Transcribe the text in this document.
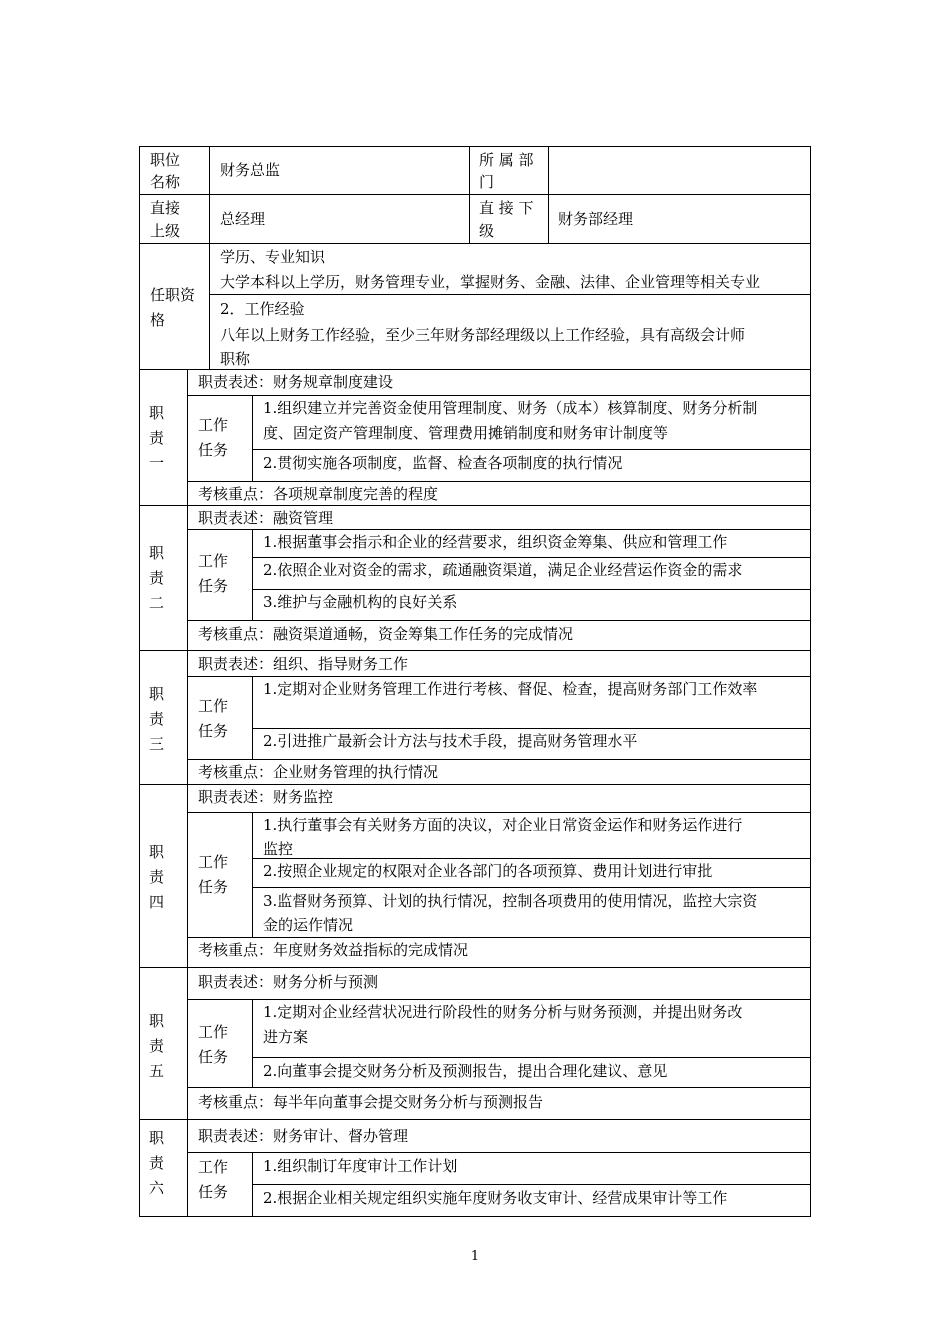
职位
名称
财务总监
所 属 部
门
直接
上级
总经理
直 接 下
级
财务部经理
任职资
格
学历、专业知识
大学本科以上学历，财务管理专业，掌握财务、金融、法律、企业管理等相关专业
2．工作经验
八年以上财务工作经验，至少三年财务部经理级以上工作经验，具有高级会计师
职称
职
责
一
职责表述：财务规章制度建设
工作
任务
1.组织建立并完善资金使用管理制度、财务（成本）核算制度、财务分析制
度、固定资产管理制度、管理费用摊销制度和财务审计制度等
2.贯彻实施各项制度，监督、检查各项制度的执行情况
考核重点：各项规章制度完善的程度
职
责
二
职责表述：融资管理
工作
任务
1.根据董事会指示和企业的经营要求，组织资金筹集、供应和管理工作
2.依照企业对资金的需求，疏通融资渠道，满足企业经营运作资金的需求
3.维护与金融机构的良好关系
考核重点：融资渠道通畅，资金筹集工作任务的完成情况
职
责
三
职责表述：组织、指导财务工作
工作
任务
1.定期对企业财务管理工作进行考核、督促、检查，提高财务部门工作效率
2.引进推广最新会计方法与技术手段，提高财务管理水平
考核重点：企业财务管理的执行情况
职
责
四
职责表述：财务监控
工作
任务
1.执行董事会有关财务方面的决议，对企业日常资金运作和财务运作进行
监控
2.按照企业规定的权限对企业各部门的各项预算、费用计划进行审批
3.监督财务预算、计划的执行情况，控制各项费用的使用情况，监控大宗资
金的运作情况
考核重点：年度财务效益指标的完成情况
职
责
五
职责表述：财务分析与预测
工作
任务
1.定期对企业经营状况进行阶段性的财务分析与财务预测，并提出财务改
进方案
2.向董事会提交财务分析及预测报告，提出合理化建议、意见
考核重点：每半年向董事会提交财务分析与预测报告
职
责
六
职责表述：财务审计、督办管理
工作
任务
1.组织制订年度审计工作计划
2.根据企业相关规定组织实施年度财务收支审计、经营成果审计等工作
1
